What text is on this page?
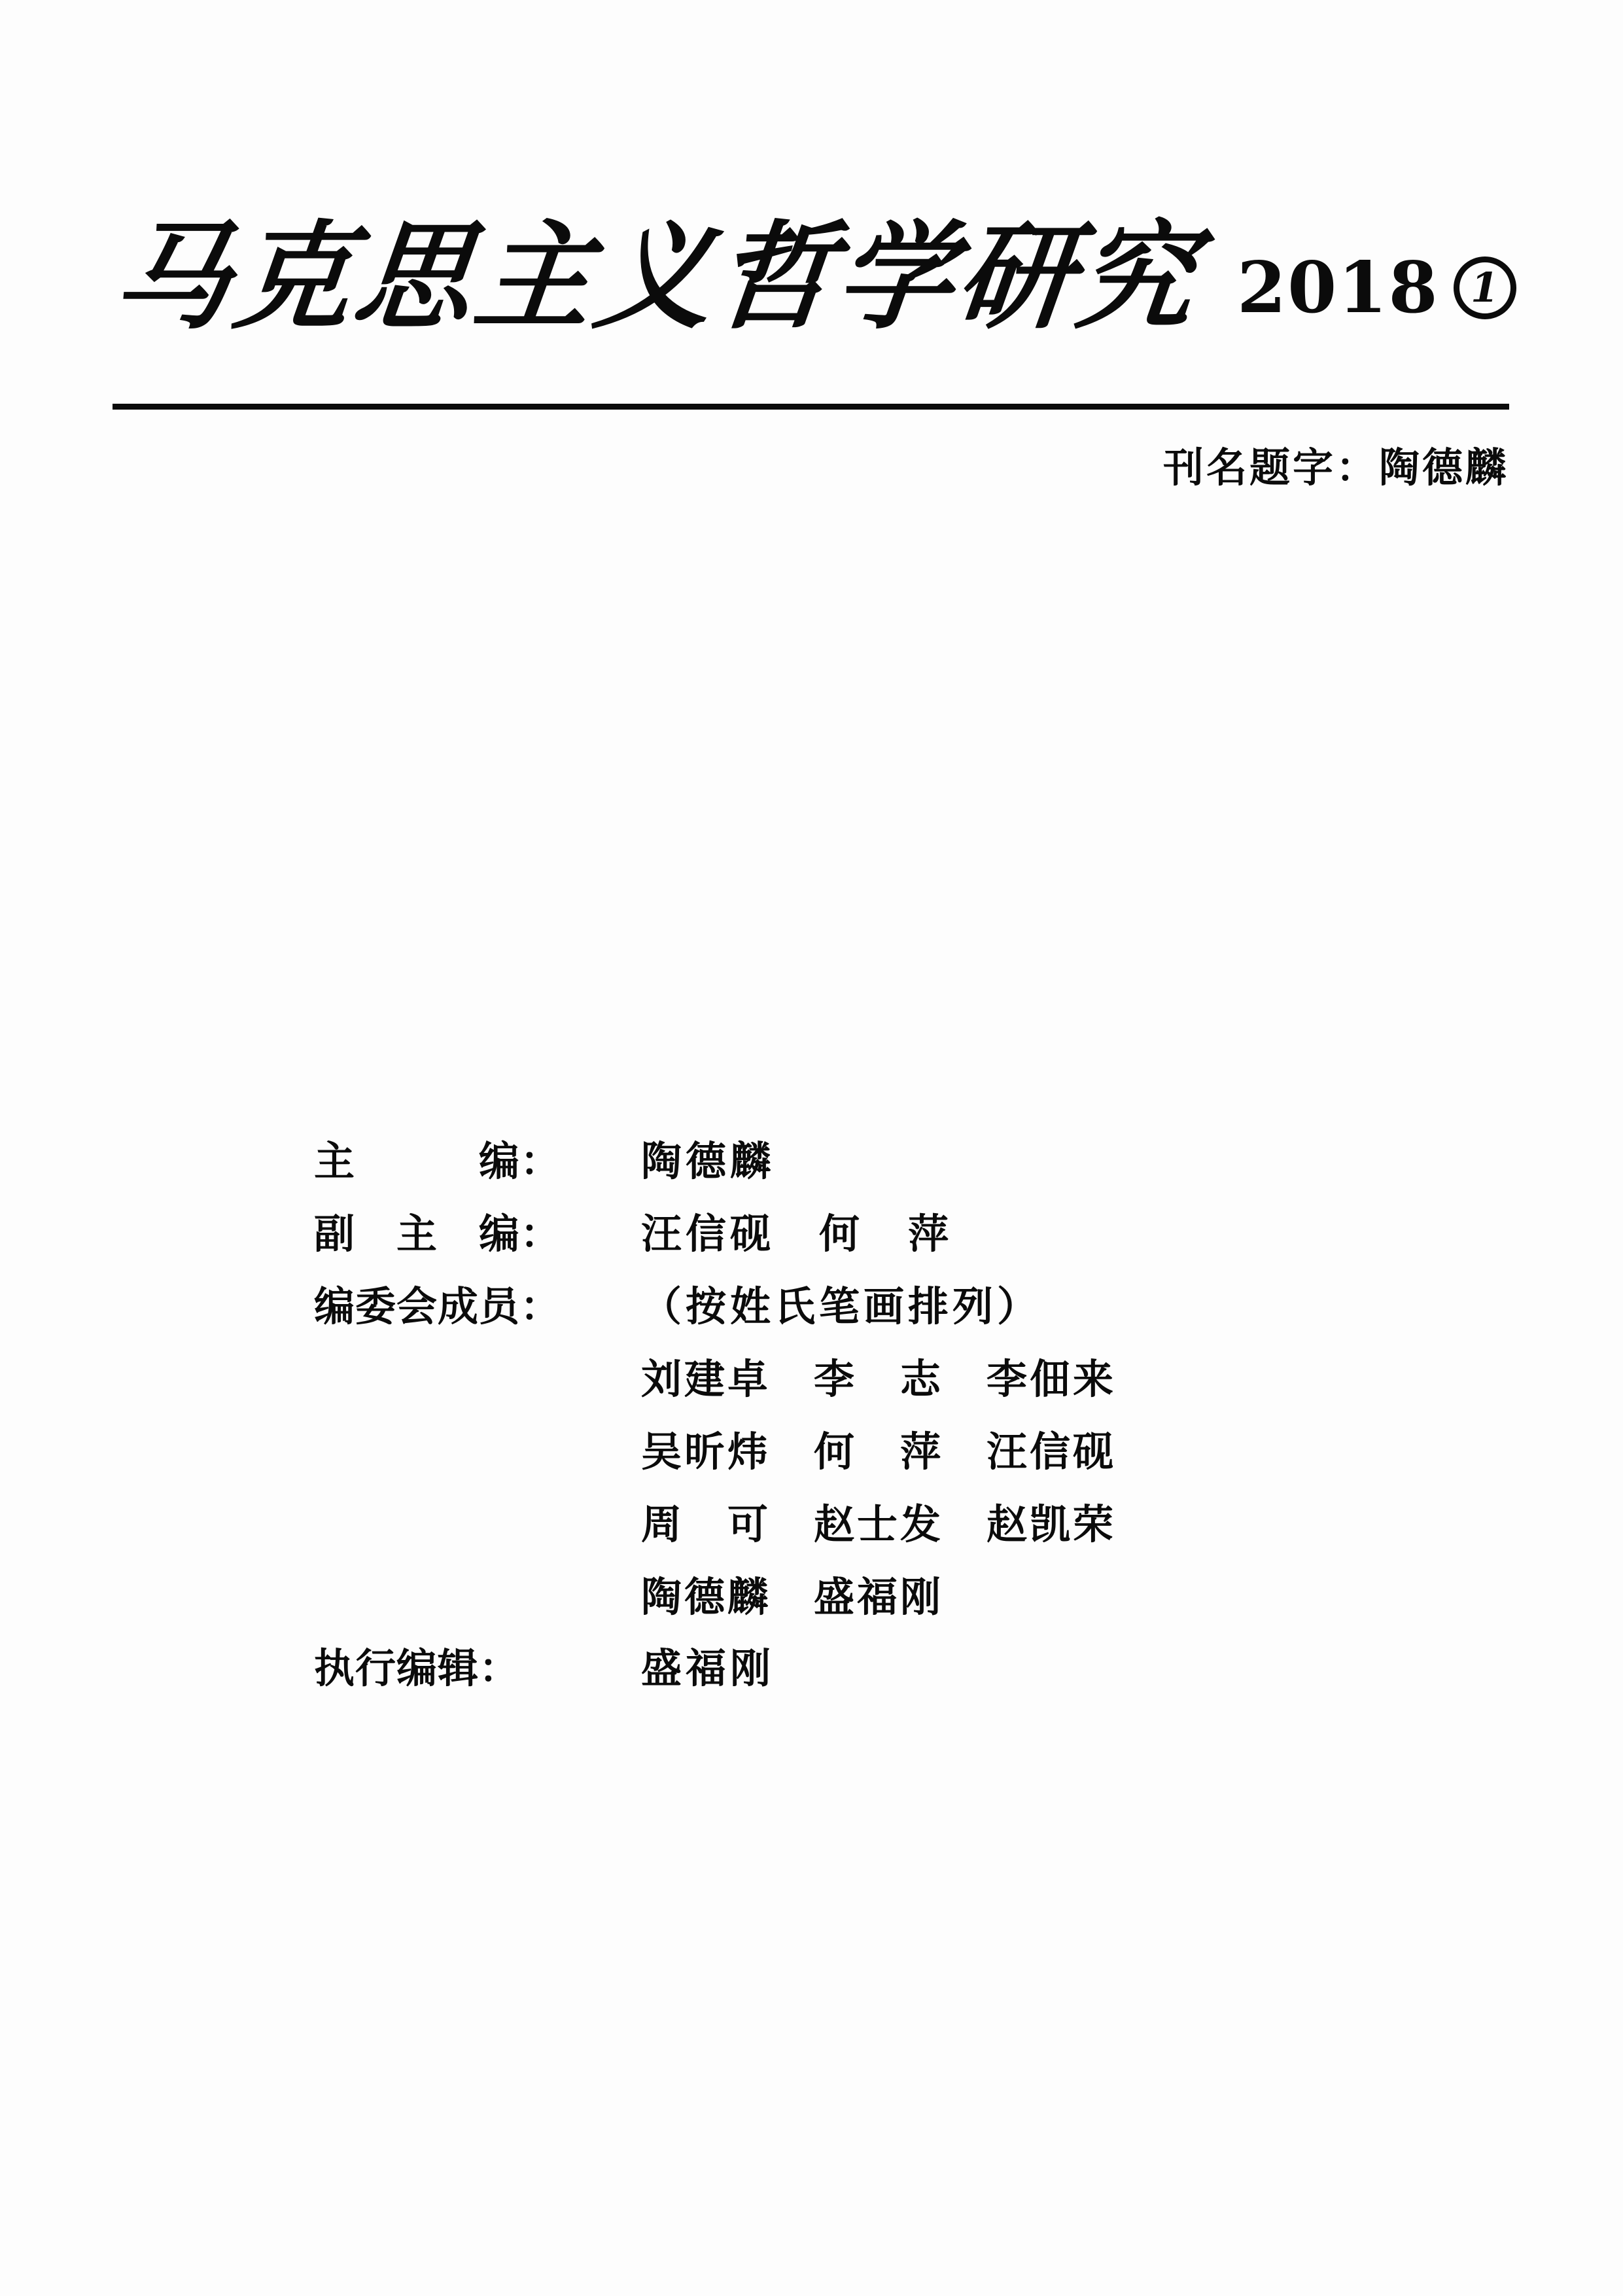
马克思主义哲学研究 2018 1
刊名题字：陶德麟
主　　　编：	陶德麟
副　主　编：	汪信砚　何　萍
编委会成员：	（按姓氏笔画排列）
刘建卓　李　志　李佃来
吴昕炜　何　萍　汪信砚
周　可　赵士发　赵凯荣
陶德麟　盛福刚
执行编辑：	盛福刚
